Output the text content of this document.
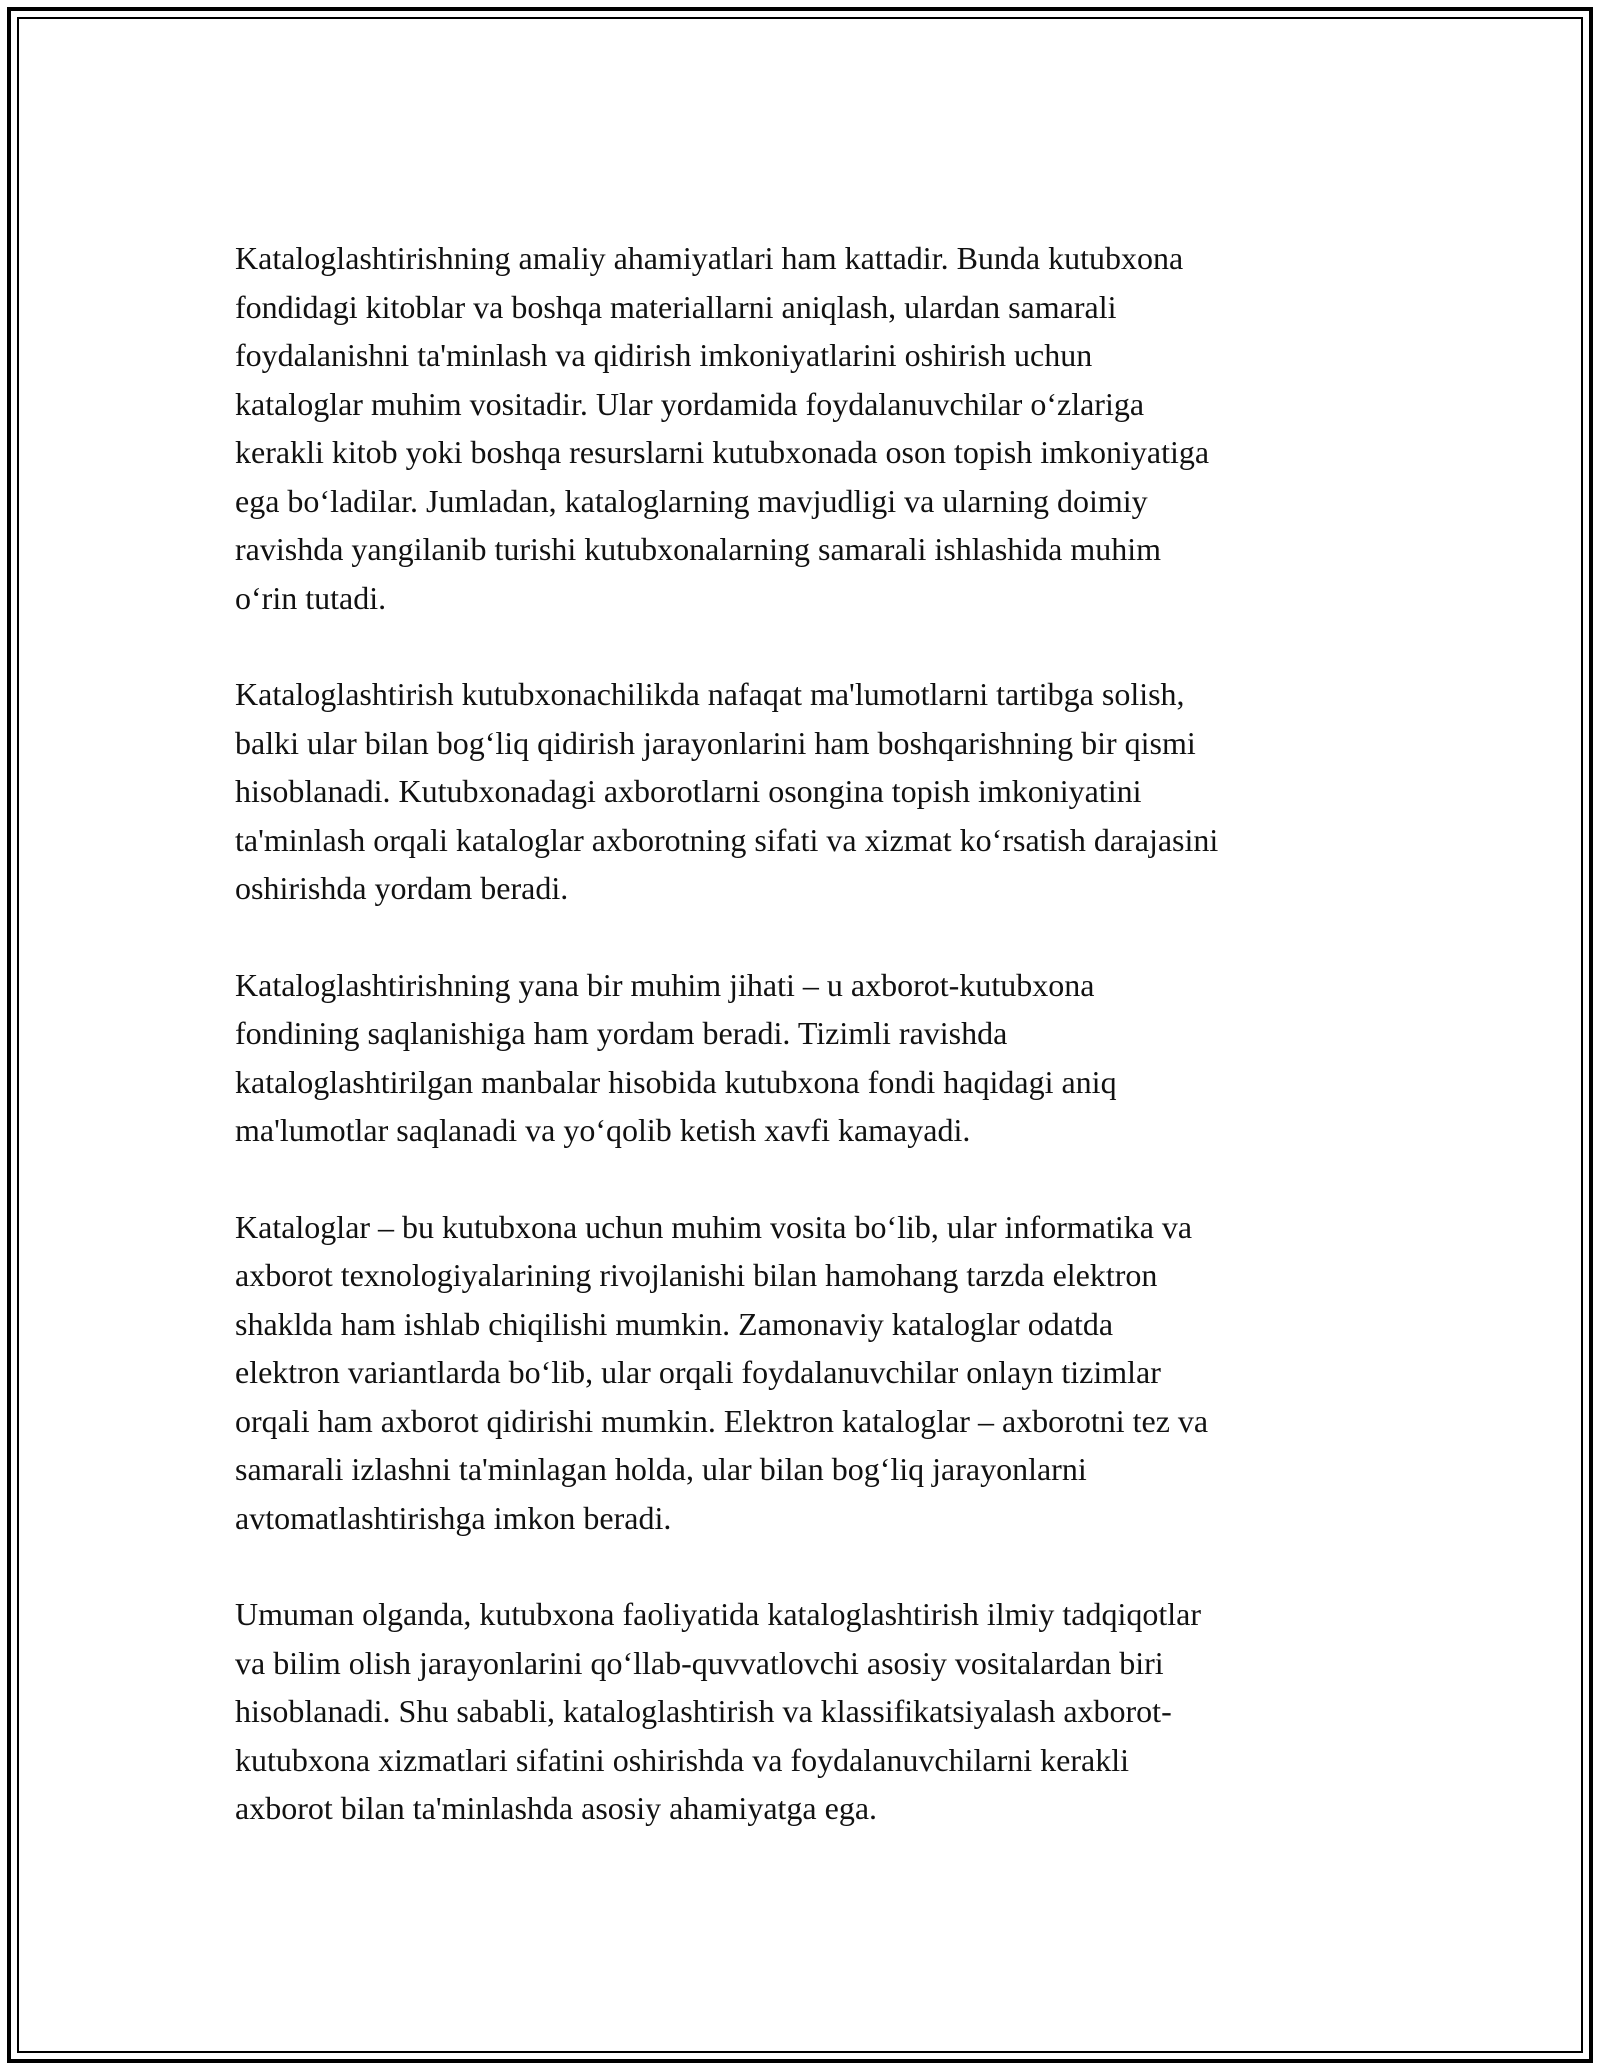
Kataloglashtirishning amaliy ahamiyatlari ham kattadir. Bunda kutubxona
fondidagi kitoblar va boshqa materiallarni aniqlash, ulardan samarali
foydalanishni ta'minlash va qidirish imkoniyatlarini oshirish uchun
kataloglar muhim vositadir. Ular yordamida foydalanuvchilar o‘zlariga
kerakli kitob yoki boshqa resurslarni kutubxonada oson topish imkoniyatiga
ega bo‘ladilar. Jumladan, kataloglarning mavjudligi va ularning doimiy
ravishda yangilanib turishi kutubxonalarning samarali ishlashida muhim
o‘rin tutadi.

Kataloglashtirish kutubxonachilikda nafaqat ma'lumotlarni tartibga solish,
balki ular bilan bog‘liq qidirish jarayonlarini ham boshqarishning bir qismi
hisoblanadi. Kutubxonadagi axborotlarni osongina topish imkoniyatini
ta'minlash orqali kataloglar axborotning sifati va xizmat ko‘rsatish darajasini
oshirishda yordam beradi.

Kataloglashtirishning yana bir muhim jihati – u axborot-kutubxona
fondining saqlanishiga ham yordam beradi. Tizimli ravishda
kataloglashtirilgan manbalar hisobida kutubxona fondi haqidagi aniq
ma'lumotlar saqlanadi va yo‘qolib ketish xavfi kamayadi.

Kataloglar – bu kutubxona uchun muhim vosita bo‘lib, ular informatika va
axborot texnologiyalarining rivojlanishi bilan hamohang tarzda elektron
shaklda ham ishlab chiqilishi mumkin. Zamonaviy kataloglar odatda
elektron variantlarda bo‘lib, ular orqali foydalanuvchilar onlayn tizimlar
orqali ham axborot qidirishi mumkin. Elektron kataloglar – axborotni tez va
samarali izlashni ta'minlagan holda, ular bilan bog‘liq jarayonlarni
avtomatlashtirishga imkon beradi.

Umuman olganda, kutubxona faoliyatida kataloglashtirish ilmiy tadqiqotlar
va bilim olish jarayonlarini qo‘llab-quvvatlovchi asosiy vositalardan biri
hisoblanadi. Shu sababli, kataloglashtirish va klassifikatsiyalash axborot-
kutubxona xizmatlari sifatini oshirishda va foydalanuvchilarni kerakli
axborot bilan ta'minlashda asosiy ahamiyatga ega.
